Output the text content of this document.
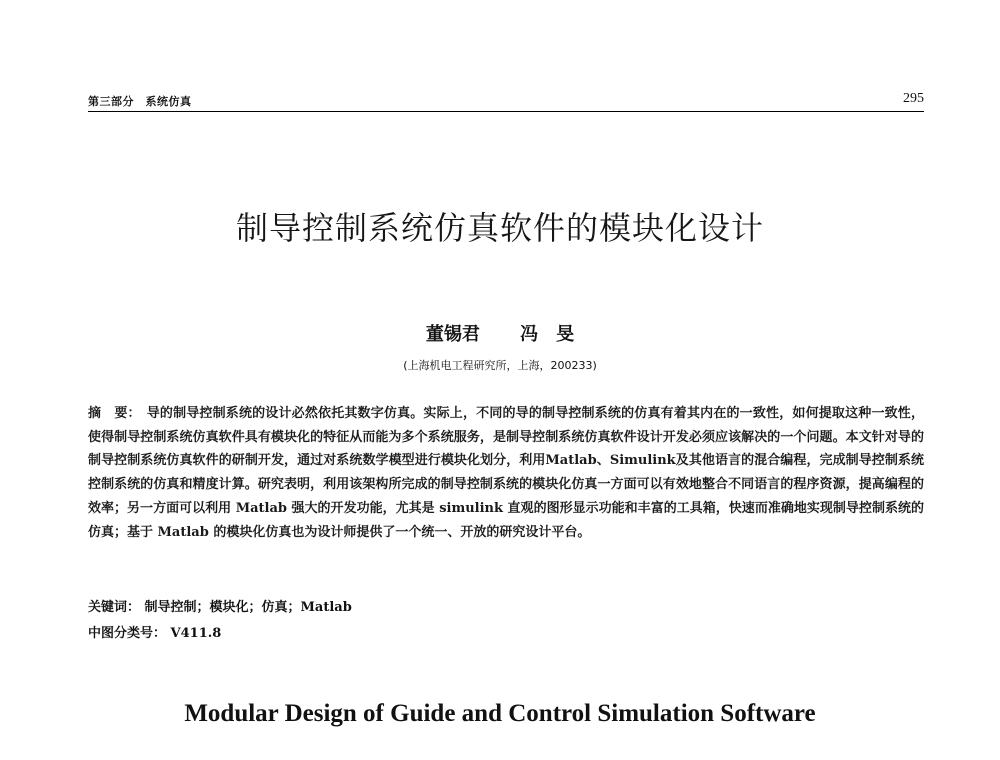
第三部分　系统仿真	295
制导控制系统仿真软件的模块化设计
董锡君 冯　旻
(上海机电工程研究所，上海，200233)
摘　要： 导的制导控制系统的设计必然依托其数字仿真。实际上，不同的导的制导控制系统的仿真有着其内在的一致性，如何提取这种一致性，使得制导控制系统仿真软件具有模块化的特征从而能为多个系统服务，是制导控制系统仿真软件设计开发必须应该解决的一个问题。本文针对导的制导控制系统仿真软件的研制开发，通过对系统数学模型进行模块化划分，利用Matlab、Simulink及其他语言的混合编程，完成制导控制系统控制系统的仿真和精度计算。研究表明，利用该架构所完成的制导控制系统的模块化仿真一方面可以有效地整合不同语言的程序资源，提高编程的效率；另一方面可以利用 Matlab 强大的开发功能，尤其是 simulink 直观的图形显示功能和丰富的工具箱，快速而准确地实现制导控制系统的仿真；基于 Matlab 的模块化仿真也为设计师提供了一个统一、开放的研究设计平台。
关键词： 制导控制；模块化；仿真；Matlab
中图分类号： V411.8
Modular Design of Guide and Control Simulation Software
